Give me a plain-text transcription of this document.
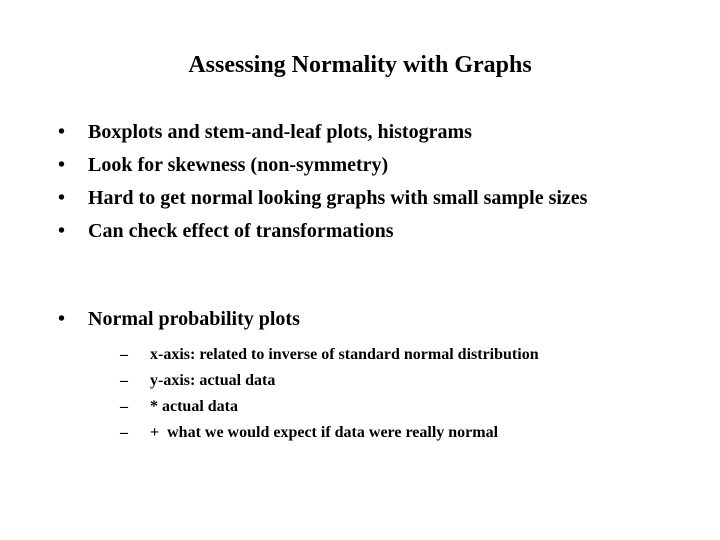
Assessing Normality with Graphs
•	Boxplots and stem-and-leaf plots, histograms
•	Look for skewness (non-symmetry)
•	Hard to get normal looking graphs with small sample sizes
•	Can check effect of transformations
•	Normal probability plots
–	x-axis: related to inverse of standard normal distribution
–	y-axis: actual data
–	* actual data
–	+  what we would expect if data were really normal
